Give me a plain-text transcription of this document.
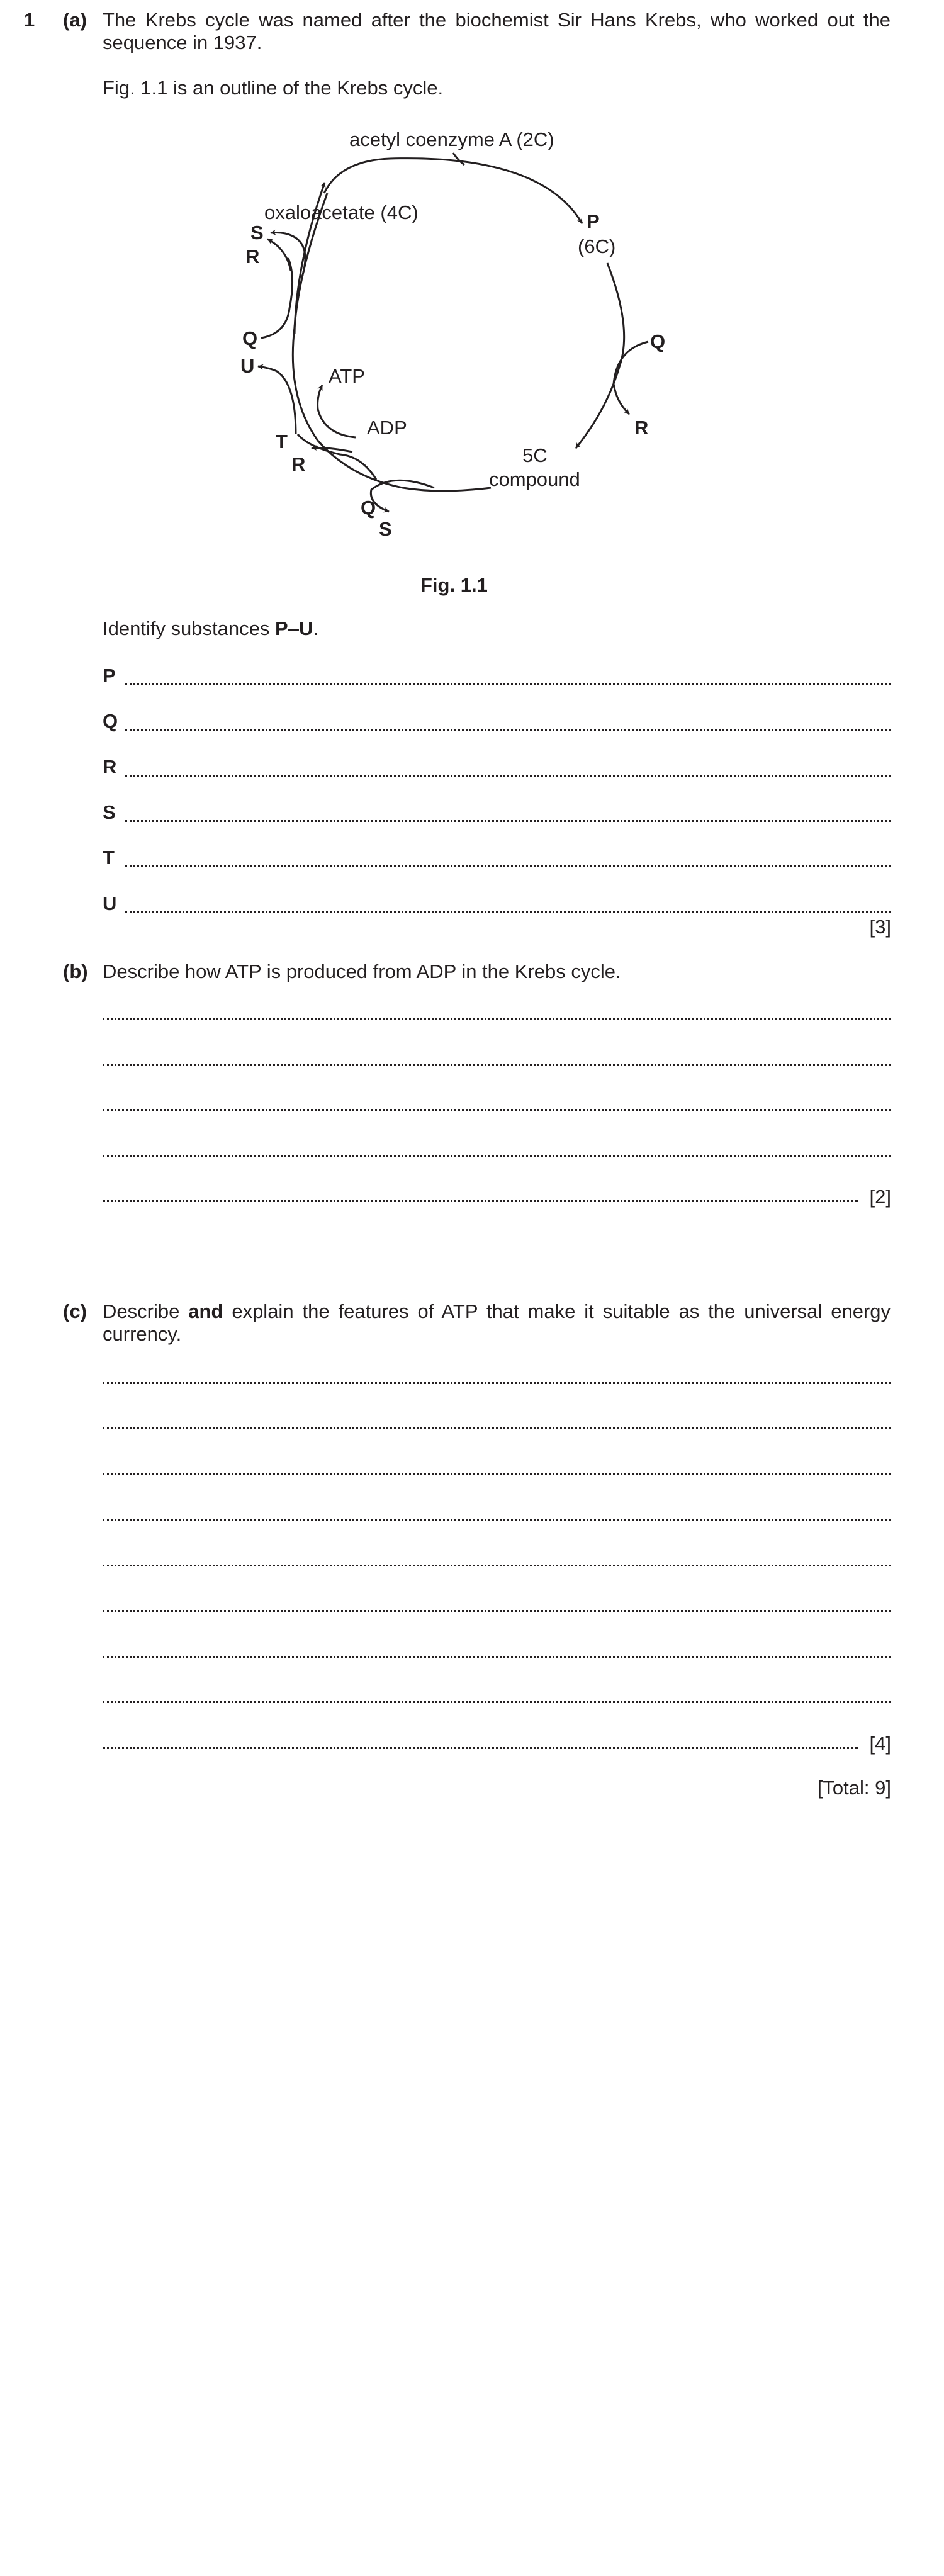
1 (a) The Krebs cycle was named after the biochemist Sir Hans Krebs, who worked out the sequence in 1937.
Fig. 1.1 is an outline of the Krebs cycle.
acetyl coenzyme A (2C)
oxaloacetate (4C)	P
(6C)
Q
R
5C
compound
Q
S
T
R
ADP
ATP
U
Q
R
S
Fig. 1.1
Identify substances P–U.
P
Q
R
S
T
U
[3]
(b) Describe how ATP is produced from ADP in the Krebs cycle.
[2]
(c) Describe and explain the features of ATP that make it suitable as the universal energy currency.
[4]
[Total: 9]
